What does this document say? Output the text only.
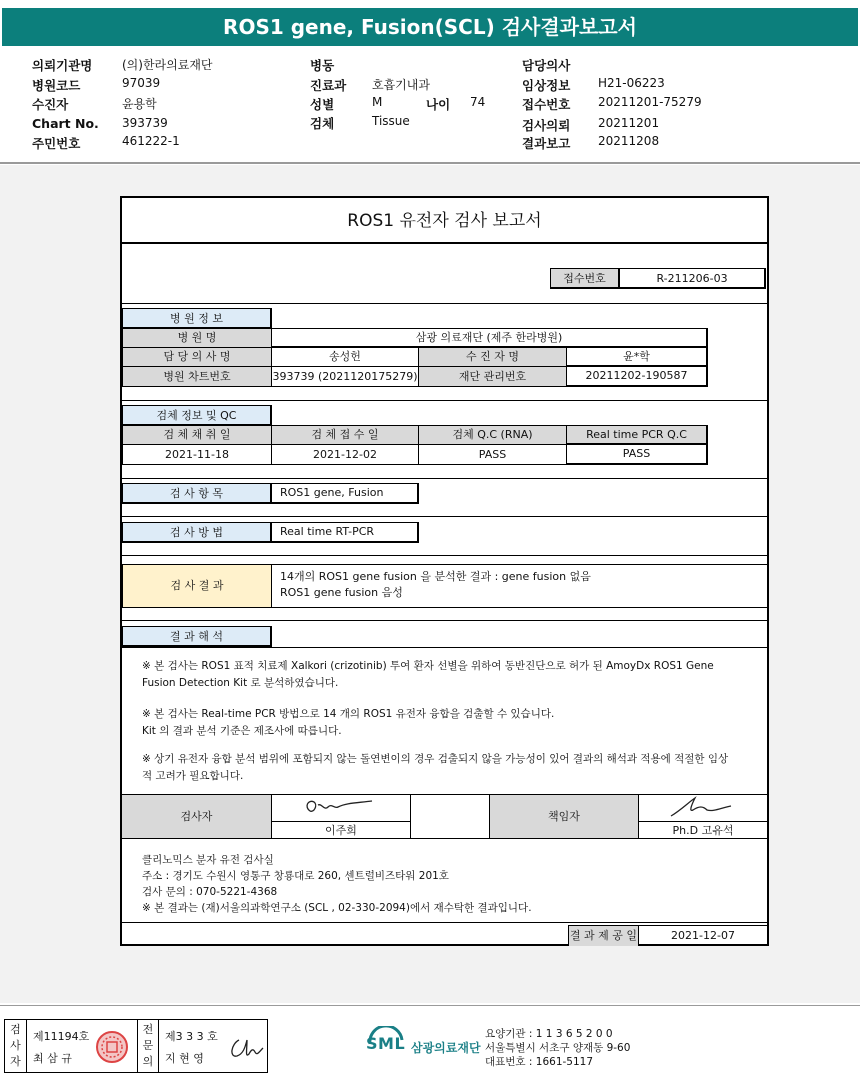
ROS1 gene, Fusion(SCL) 검사결과보고서
의뢰기관명 (의)한라의료재단
병원코드	97039
수진자	윤용학
Chart No. 393739
주민번호	461222-1
병동
진료과 호흡기내과
성별	M	나이 74
검체	Tissue
담당의사
임상정보 H21-06223
접수번호 20211201-75279
검사의뢰 20211201
결과보고 20211208
ROS1 유전자 검사 보고서
접수번호	R-211206-03
병 원 정 보
병 원 명	삼광 의료재단 (제주 한라병원)
담 당 의 사 명	송성헌	수 진 자 명	윤*학
병원 차트번호	393739 (2021120175279)	재단 관리번호	20211202-190587
검체 정보 및 QC
검 체 채 취 일	검 체 접 수 일	검체 Q.C (RNA)	Real time PCR Q.C
2021-11-18	2021-12-02	PASS	PASS
검 사 항 목	ROS1 gene, Fusion
검 사 방 법	Real time RT-PCR
검 사 결 과
14개의 ROS1 gene fusion 을 분석한 결과 : gene fusion 없음
ROS1 gene fusion 음성
결 과 해 석
※ 본 검사는 ROS1 표적 치료제 Xalkori (crizotinib) 투여 환자 선별을 위하여 동반진단으로 허가 된 AmoyDx ROS1 Gene
Fusion Detection Kit 로 분석하였습니다.
※ 본 검사는 Real-time PCR 방법으로 14 개의 ROS1 유전자 융합을 검출할 수 있습니다.
Kit 의 결과 분석 기준은 제조사에 따릅니다.
※ 상기 유전자 융합 분석 범위에 포함되지 않는 돌연변이의 경우 검출되지 않을 가능성이 있어 결과의 해석과 적용에 적절한 임상
적 고려가 필요합니다.
검사자
이주희
책임자
Ph.D 고유석
클리노믹스 분자 유전 검사실
주소 : 경기도 수원시 영통구 창룡대로 260, 센트럴비즈타워 201호
검사 문의 : 070-5221-4368
※ 본 결과는 (재)서울의과학연구소 (SCL , 02-330-2094)에서 재수탁한 결과입니다.
결 과 제 공 일	2021-12-07
검
사
자
제11194호
최 삼 규
전
문
의
제3 3 3 호
지 현 영
SML 삼광의료재단
요양기관 : 1 1 3 6 5 2 0 0
서울특별시 서초구 양재동 9-60
대표번호 : 1661-5117
